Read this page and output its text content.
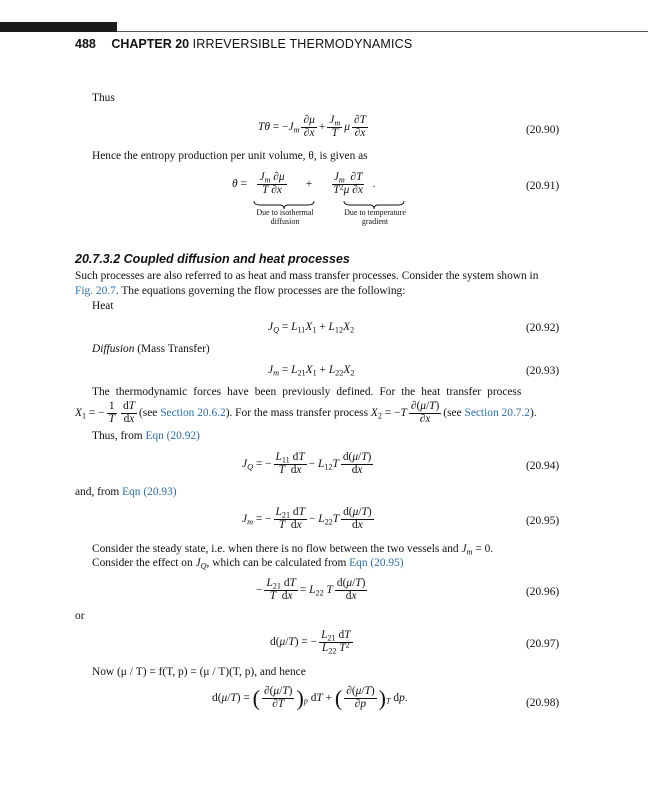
488 CHAPTER 20 IRREVERSIBLE THERMODYNAMICS
Thus
$T\theta = -J_m \frac{\partial\mu}{\partial x} + \frac{J_m}{T}$ μ $\frac{\partial T}{\partial x}$	(20.90)
Hence the entropy production per unit volume, θ, is given as
$\theta = \frac{J_m \partial\mu}{T \partial x} + \frac{J_m \partial T}{T^2\mu \partial x}$ .
Due to isothermal diffusion
Due to temperature gradient
(20.91)
20.7.3.2 Coupled diffusion and heat processes
Such processes are also referred to as heat and mass transfer processes. Consider the system shown in
Fig. 20.7. The equations governing the flow processes are the following:
Heat
$J_Q = L_{11}X_1 + L_{12}X_2$	(20.92)
Diffusion (Mass Transfer)
$J_m = L_{21}X_1 + L_{22}X_2$	(20.93)
The thermodynamic forces have been previously defined. For the heat transfer process
$X_1$ = − $\frac{1}{T} \frac{dT}{dx} (see$ Section 20.6.2). For the mass transfer process $X_2 = -T \frac{\partial(\mu/T)}{\partial x} (see$ Section 20.7.2).
Thus, from Eqn (20.92)
$J_Q$ = − $\frac{L_{11} dT}{\text{T  dx}} - L_{12}T \frac{d(\mu/T)}{dx}$	(20.94)
and, from Eqn (20.93)
$J_m$ = − $\frac{L_{21} dT}{\text{T  dx}} - L_{22}T \frac{d(\mu/T)}{dx}$	(20.95)
Consider the steady state, i.e. when there is no flow between the two vessels and $J_m = 0$.
Consider the effect on $J_Q$, which can be calculated from Eqn (20.95)
− $\frac{L_{21} dT}{\text{T  dx}} = L_{22}$ T $\frac{d(\mu/T)}{dx}$	(20.96)
or
d(μ/T) = − $\frac{L_{21} dT}{L_{22} T^2}$	(20.97)
Now (μ / T) = f(T, p) = (μ / T)(T, p), and hence
d(μ/T) = ( $\frac{\partial(\mu/T)}{\partial T} )_p$ dT + ( $\frac{\partial(\mu/T)}{\partial p} )_T$ dp.	(20.98)
